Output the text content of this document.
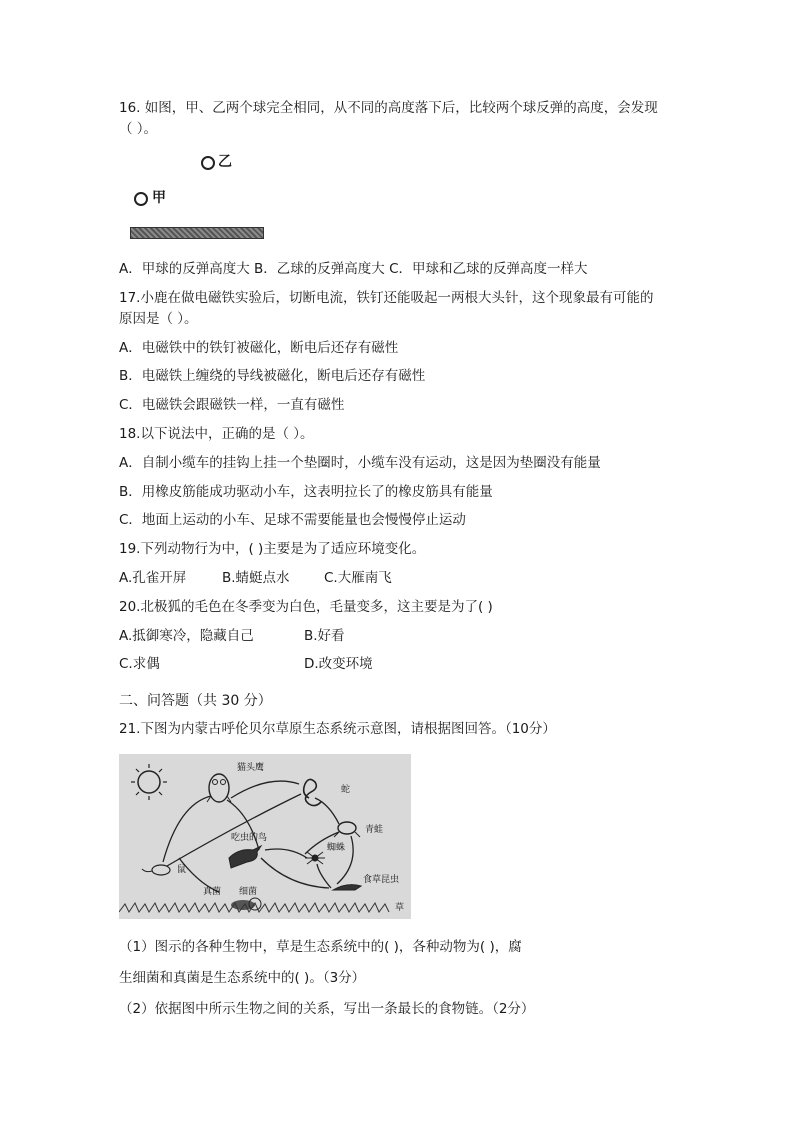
16. 如图，甲、乙两个球完全相同，从不同的高度落下后，比较两个球反弹的高度，会发现
（ ）。
乙
甲
A．甲球的反弹高度大 B．乙球的反弹高度大 C．甲球和乙球的反弹高度一样大
17.小鹿在做电磁铁实验后，切断电流，铁钉还能吸起一两根大头针，这个现象最有可能的
原因是（ ）。
A．电磁铁中的铁钉被磁化，断电后还存有磁性
B．电磁铁上缠绕的导线被磁化，断电后还存有磁性
C．电磁铁会跟磁铁一样，一直有磁性
18.以下说法中，正确的是（ ）。
A．自制小缆车的挂钩上挂一个垫圈时，小缆车没有运动，这是因为垫圈没有能量
B．用橡皮筋能成功驱动小车，这表明拉长了的橡皮筋具有能量
C．地面上运动的小车、足球不需要能量也会慢慢停止运动
19.下列动物行为中，( )主要是为了适应环境变化。
A.孔雀开屏	B.蜻蜓点水	C.大雁南飞
20.北极狐的毛色在冬季变为白色，毛量变多，这主要是为了( )
A.抵御寒冷，隐藏自己	B.好看
C.求偶	D.改变环境
二、问答题（共 30 分）
21.下图为内蒙古呼伦贝尔草原生态系统示意图，请根据图回答。（10分）
猫头鹰
蛇
吃虫的鸟
青蛙
蜘蛛
鼠
食草昆虫
真菌 细菌
草
（1）图示的各种生物中，草是生态系统中的( )，各种动物为( )，腐
生细菌和真菌是生态系统中的( )。（3分）
（2）依据图中所示生物之间的关系，写出一条最长的食物链。（2分）
